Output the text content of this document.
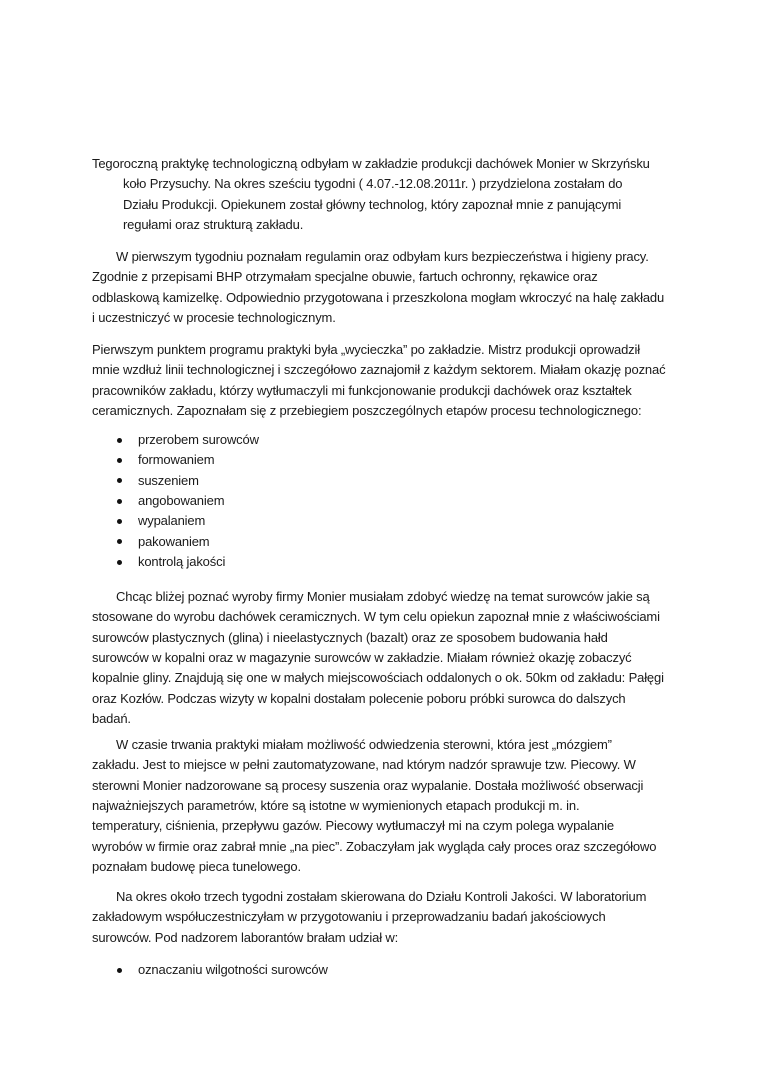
Tegoroczną praktykę technologiczną odbyłam w zakładzie produkcji dachówek Monier w Skrzyńsku
koło Przysuchy. Na okres sześciu tygodni ( 4.07.-12.08.2011r. ) przydzielona zostałam do
Działu Produkcji. Opiekunem został główny technolog, który zapoznał mnie z panującymi
regułami oraz strukturą zakładu.
W pierwszym tygodniu poznałam regulamin oraz odbyłam kurs bezpieczeństwa i higieny pracy.
Zgodnie z przepisami BHP otrzymałam specjalne obuwie, fartuch ochronny, rękawice oraz
odblaskową kamizelkę. Odpowiednio przygotowana i przeszkolona mogłam wkroczyć na halę zakładu
i uczestniczyć w procesie technologicznym.
Pierwszym punktem programu praktyki była „wycieczka” po zakładzie. Mistrz produkcji oprowadził
mnie wzdłuż linii technologicznej i szczegółowo zaznajomił z każdym sektorem. Miałam okazję poznać
pracowników zakładu, którzy wytłumaczyli mi funkcjonowanie produkcji dachówek oraz kształtek
ceramicznych. Zapoznałam się z przebiegiem poszczególnych etapów procesu technologicznego:
przerobem surowców
formowaniem
suszeniem
angobowaniem
wypalaniem
pakowaniem
kontrolą jakości
Chcąc bliżej poznać wyroby firmy Monier musiałam zdobyć wiedzę na temat surowców jakie są
stosowane do wyrobu dachówek ceramicznych. W tym celu opiekun zapoznał mnie z właściwościami
surowców plastycznych (glina) i nieelastycznych (bazalt) oraz ze sposobem budowania hałd
surowców w kopalni oraz w magazynie surowców w zakładzie. Miałam również okazję zobaczyć
kopalnie gliny. Znajdują się one w małych miejscowościach oddalonych o ok. 50km od zakładu: Pałęgi
oraz Kozłów. Podczas wizyty w kopalni dostałam polecenie poboru próbki surowca do dalszych
badań.
W czasie trwania praktyki miałam możliwość odwiedzenia sterowni, która jest „mózgiem”
zakładu. Jest to miejsce w pełni zautomatyzowane, nad którym nadzór sprawuje tzw. Piecowy. W
sterowni Monier nadzorowane są procesy suszenia oraz wypalanie. Dostała możliwość obserwacji
najważniejszych parametrów, które są istotne w wymienionych etapach produkcji m. in.
temperatury, ciśnienia, przepływu gazów. Piecowy wytłumaczył mi na czym polega wypalanie
wyrobów w firmie oraz zabrał mnie „na piec”. Zobaczyłam jak wygląda cały proces oraz szczegółowo
poznałam budowę pieca tunelowego.
Na okres około trzech tygodni zostałam skierowana do Działu Kontroli Jakości. W laboratorium
zakładowym współuczestniczyłam w przygotowaniu i przeprowadzaniu badań jakościowych
surowców. Pod nadzorem laborantów brałam udział w:
oznaczaniu wilgotności surowców
